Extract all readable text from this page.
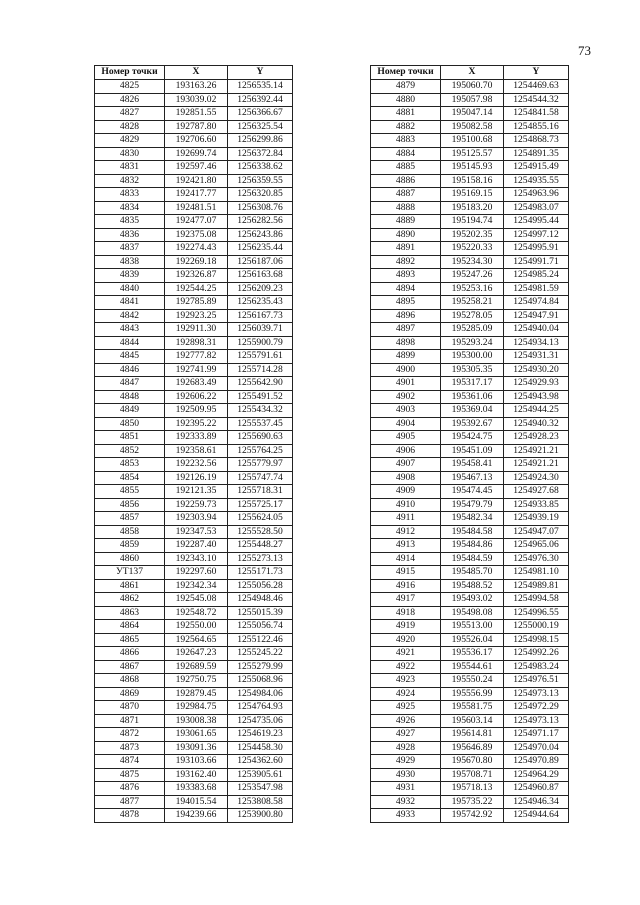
73
Номер точки	X	Y
4825	193163.26	1256535.14
4826	193039.02	1256392.44
4827	192851.55	1256366.67
4828	192787.80	1256325.54
4829	192706.60	1256299.86
4830	192699.74	1256372.84
4831	192597.46	1256338.62
4832	192421.80	1256359.55
4833	192417.77	1256320.85
4834	192481.51	1256308.76
4835	192477.07	1256282.56
4836	192375.08	1256243.86
4837	192274.43	1256235.44
4838	192269.18	1256187.06
4839	192326.87	1256163.68
4840	192544.25	1256209.23
4841	192785.89	1256235.43
4842	192923.25	1256167.73
4843	192911.30	1256039.71
4844	192898.31	1255900.79
4845	192777.82	1255791.61
4846	192741.99	1255714.28
4847	192683.49	1255642.90
4848	192606.22	1255491.52
4849	192509.95	1255434.32
4850	192395.22	1255537.45
4851	192333.89	1255690.63
4852	192358.61	1255764.25
4853	192232.56	1255779.97
4854	192126.19	1255747.74
4855	192121.35	1255718.31
4856	192259.73	1255725.17
4857	192303.94	1255624.05
4858	192347.53	1255528.50
4859	192287.40	1255448.27
4860	192343.10	1255273.13
УТ137	192297.60	1255171.73
4861	192342.34	1255056.28
4862	192545.08	1254948.46
4863	192548.72	1255015.39
4864	192550.00	1255056.74
4865	192564.65	1255122.46
4866	192647.23	1255245.22
4867	192689.59	1255279.99
4868	192750.75	1255068.96
4869	192879.45	1254984.06
4870	192984.75	1254764.93
4871	193008.38	1254735.06
4872	193061.65	1254619.23
4873	193091.36	1254458.30
4874	193103.66	1254362.60
4875	193162.40	1253905.61
4876	193383.68	1253547.98
4877	194015.54	1253808.58
4878	194239.66	1253900.80
Номер точки	X	Y
4879	195060.70	1254469.63
4880	195057.98	1254544.32
4881	195047.14	1254841.58
4882	195082.58	1254855.16
4883	195100.68	1254868.73
4884	195125.57	1254891.35
4885	195145.93	1254915.49
4886	195158.16	1254935.55
4887	195169.15	1254963.96
4888	195183.20	1254983.07
4889	195194.74	1254995.44
4890	195202.35	1254997.12
4891	195220.33	1254995.91
4892	195234.30	1254991.71
4893	195247.26	1254985.24
4894	195253.16	1254981.59
4895	195258.21	1254974.84
4896	195278.05	1254947.91
4897	195285.09	1254940.04
4898	195293.24	1254934.13
4899	195300.00	1254931.31
4900	195305.35	1254930.20
4901	195317.17	1254929.93
4902	195361.06	1254943.98
4903	195369.04	1254944.25
4904	195392.67	1254940.32
4905	195424.75	1254928.23
4906	195451.09	1254921.21
4907	195458.41	1254921.21
4908	195467.13	1254924.30
4909	195474.45	1254927.68
4910	195479.79	1254933.85
4911	195482.34	1254939.19
4912	195484.58	1254947.07
4913	195484.86	1254965.06
4914	195484.59	1254976.30
4915	195485.70	1254981.10
4916	195488.52	1254989.81
4917	195493.02	1254994.58
4918	195498.08	1254996.55
4919	195513.00	1255000.19
4920	195526.04	1254998.15
4921	195536.17	1254992.26
4922	195544.61	1254983.24
4923	195550.24	1254976.51
4924	195556.99	1254973.13
4925	195581.75	1254972.29
4926	195603.14	1254973.13
4927	195614.81	1254971.17
4928	195646.89	1254970.04
4929	195670.80	1254970.89
4930	195708.71	1254964.29
4931	195718.13	1254960.87
4932	195735.22	1254946.34
4933	195742.92	1254944.64
